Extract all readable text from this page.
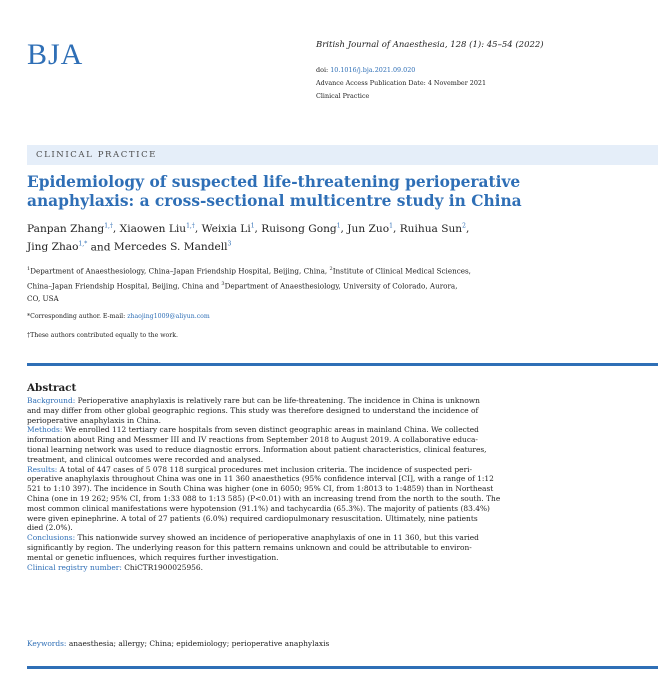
BJA	British Journal of Anaesthesia, 128 (1): 45–54 (2022)
doi: 10.1016/j.bja.2021.09.020
Advance Access Publication Date: 4 November 2021
Clinical Practice
CLINICAL PRACTICE
Epidemiology of suspected life-threatening perioperative
anaphylaxis: a cross-sectional multicentre study in China
Panpan Zhang$^{1,\dagger}$, Xiaowen Liu$^{1,\dagger}$, Weixia Li$^1$, Ruisong Gong$^1$, Jun Zuo$^1$, Ruihua Sun$^2$,
Jing Zhao$^{1,*}$ and Mercedes S. Mandell$^3$
$^1$Department of Anaesthesiology, China–Japan Friendship Hospital, Beijing, China, $^2$Institute of Clinical Medical Sciences,
China–Japan Friendship Hospital, Beijing, China and $^3$Department of Anaesthesiology, University of Colorado, Aurora,
CO, USA
*Corresponding author. E-mail: zhaojing1009@aliyun.com
†These authors contributed equally to the work.
Abstract

Background: Perioperative anaphylaxis is relatively rare but can be life-threatening. The incidence in China is unknown
and may differ from other global geographic regions. This study was therefore designed to understand the incidence of
perioperative anaphylaxis in China.

Methods: We enrolled 112 tertiary care hospitals from seven distinct geographic areas in mainland China. We collected
information about Ring and Messmer III and IV reactions from September 2018 to August 2019. A collaborative educa-
tional learning network was used to reduce diagnostic errors. Information about patient characteristics, clinical features,
treatment, and clinical outcomes were recorded and analysed.

Results: A total of 447 cases of 5 078 118 surgical procedures met inclusion criteria. The incidence of suspected peri-
operative anaphylaxis throughout China was one in 11 360 anaesthetics (95% confidence interval [CI], with a range of 1:12
521 to 1:10 397). The incidence in South China was higher (one in 6050; 95% CI, from 1:8013 to 1:4859) than in Northeast
China (one in 19 262; 95% CI, from 1:33 088 to 1:13 585) (P<0.01) with an increasing trend from the north to the south. The
most common clinical manifestations were hypotension (91.1%) and tachycardia (65.3%). The majority of patients (83.4%)
were given epinephrine. A total of 27 patients (6.0%) required cardiopulmonary resuscitation. Ultimately, nine patients
died (2.0%).

Conclusions: This nationwide survey showed an incidence of perioperative anaphylaxis of one in 11 360, but this varied
significantly by region. The underlying reason for this pattern remains unknown and could be attributable to environ-
mental or genetic influences, which requires further investigation.

Clinical registry number: ChiCTR1900025956.

Keywords: anaesthesia; allergy; China; epidemiology; perioperative anaphylaxis
